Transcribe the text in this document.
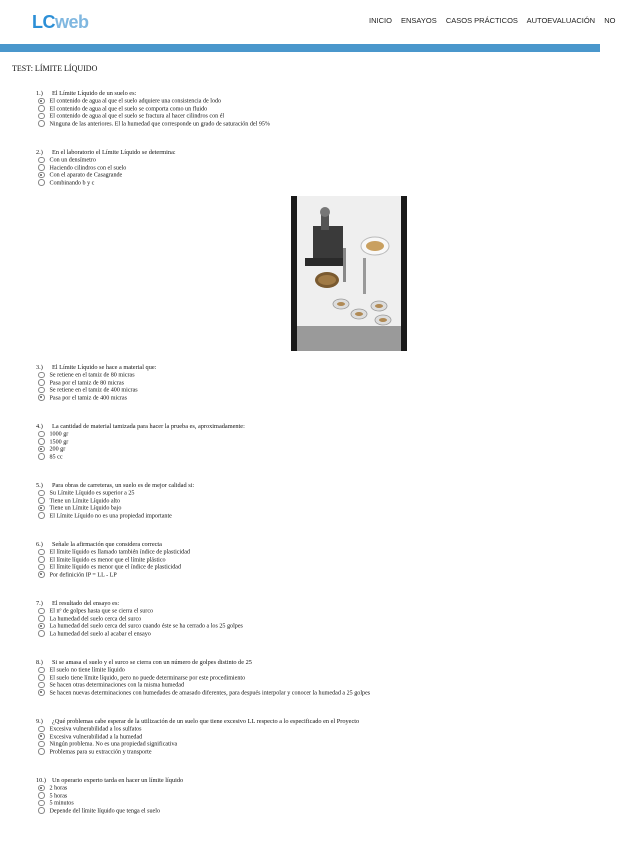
LCweb	INICIO ENSAYOS CASOS PRÁCTICOS AUTOEVALUACIÓN NO
TEST: LÍMITE LÍQUIDO
1.) El Límite Líquido de un suelo es:
El contenido de agua al que el suelo adquiere una consistencia de lodo
El contenido de agua al que el suelo se comporta como un fluido
El contenido de agua al que el suelo se fractura al hacer cilindros con él
Ninguna de las anteriores. El la humedad que corresponde un grado de saturación del 95%
2.) En el laboratorio el Límite Líquido se determina:
Con un densímetro
Haciendo cilindros con el suelo
Con el aparato de Casagrande
Combinando b y c
3.) El Límite Líquido se hace a material que:
Se retiene en el tamiz de 80 micras
Pasa por el tamiz de 80 micras
Se retiene en el tamiz de 400 micras
Pasa por el tamiz de 400 micras
4.) La cantidad de material tamizada para hacer la prueba es, aproximadamente:
1000 gr
1500 gr
200 gr
85 cc
5.) Para obras de carreteras, un suelo es de mejor calidad si:
Su Límite Líquido es superior a 25
Tiene un Límite Líquido alto
Tiene un Límite Líquido bajo
El Límite Líquido no es una propiedad importante
6.) Señale la afirmación que considera correcta
El límite líquido es llamado también índice de plasticidad
El límite líquido es menor que el límite plástico
El límite líquido es menor que el índice de plasticidad
Por definición IP = LL - LP
7.) El resultado del ensayo es:
El nº de golpes hasta que se cierra el surco
La humedad del suelo cerca del surco
La humedad del suelo cerca del surco cuando éste se ha cerrado a los 25 golpes
La humedad del suelo al acabar el ensayo
8.) Si se amasa el suelo y el surco se cierra con un número de golpes distinto de 25
El suelo no tiene límite líquido
El suelo tiene límite líquido, pero no puede determinarse por este procedimiento
Se hacen otras determinaciones con la misma humedad
Se hacen nuevas determinaciones con humedades de amasado diferentes, para después interpolar y conocer la humedad a 25 golpes
9.) ¿Qué problemas cabe esperar de la utilización de un suelo que tiene excesivo LL respecto a lo especificado en el Proyecto
Excesiva vulnerabilidad a los sulfatos
Excesiva vulnerabilidad a la humedad
Ningún problema. No es una propiedad significativa
Problemas para su extracción y transporte
10.) Un operario experto tarda en hacer un límite líquido
2 horas
5 horas
5 minutos
Depende del límite líquido que tenga el suelo
